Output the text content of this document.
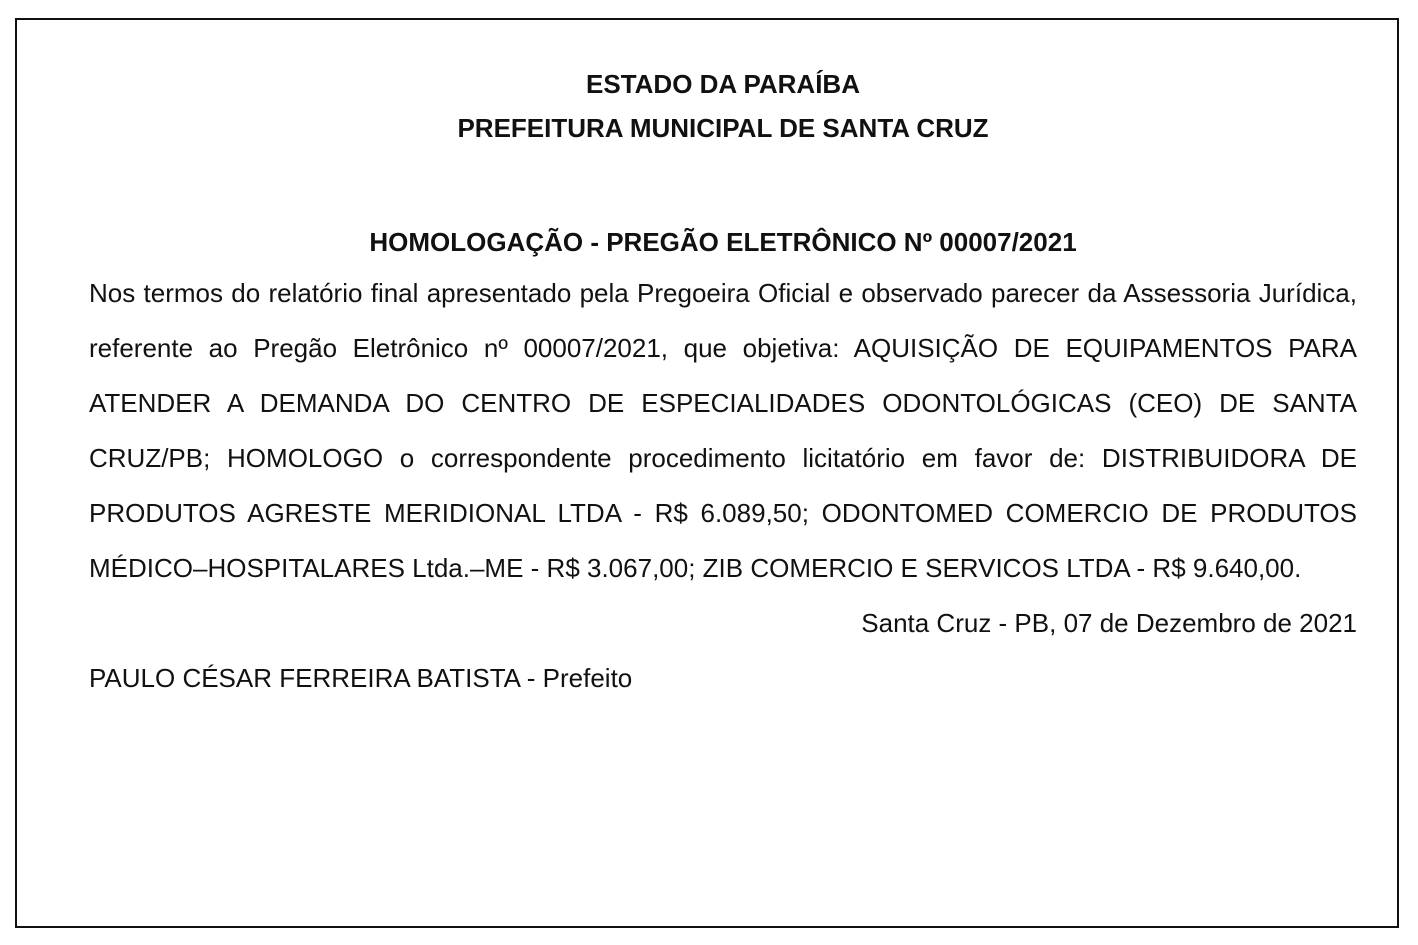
ESTADO DA PARAÍBA

PREFEITURA MUNICIPAL DE SANTA CRUZ

HOMOLOGAÇÃO - PREGÃO ELETRÔNICO Nº 00007/2021

Nos termos do relatório final apresentado pela Pregoeira Oficial e observado parecer da Assessoria Jurídica, referente ao Pregão Eletrônico nº 00007/2021, que objetiva: AQUISIÇÃO DE EQUIPAMENTOS PARA ATENDER A DEMANDA DO CENTRO DE ESPECIALIDADES ODONTOLÓGICAS (CEO) DE SANTA CRUZ/PB; HOMOLOGO o correspondente procedimento licitatório em favor de: DISTRIBUIDORA DE PRODUTOS AGRESTE MERIDIONAL LTDA - R$ 6.089,50; ODONTOMED COMERCIO DE PRODUTOS MÉDICO–HOSPITALARES Ltda.–ME - R$ 3.067,00; ZIB COMERCIO E SERVICOS LTDA - R$ 9.640,00.

Santa Cruz - PB, 07 de Dezembro de 2021

PAULO CÉSAR FERREIRA BATISTA - Prefeito
